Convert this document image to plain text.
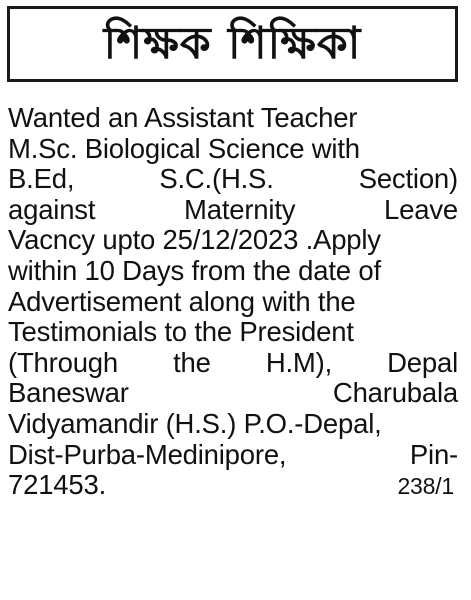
শিক্ষক শিক্ষিকা
Wanted an Assistant Teacher
M.Sc. Biological Science with
B.Ed,	S.C.(H.S.	Section)
against	Maternity	Leave
Vacncy upto 25/12/2023 .Apply
within 10 Days from the date of
Advertisement along with the
Testimonials to the President
(Through the H.M), Depal
Baneswar	Charubala
Vidyamandir (H.S.) P.O.-Depal,
Dist-Purba-Medinipore,	Pin-
721453.	238/1
